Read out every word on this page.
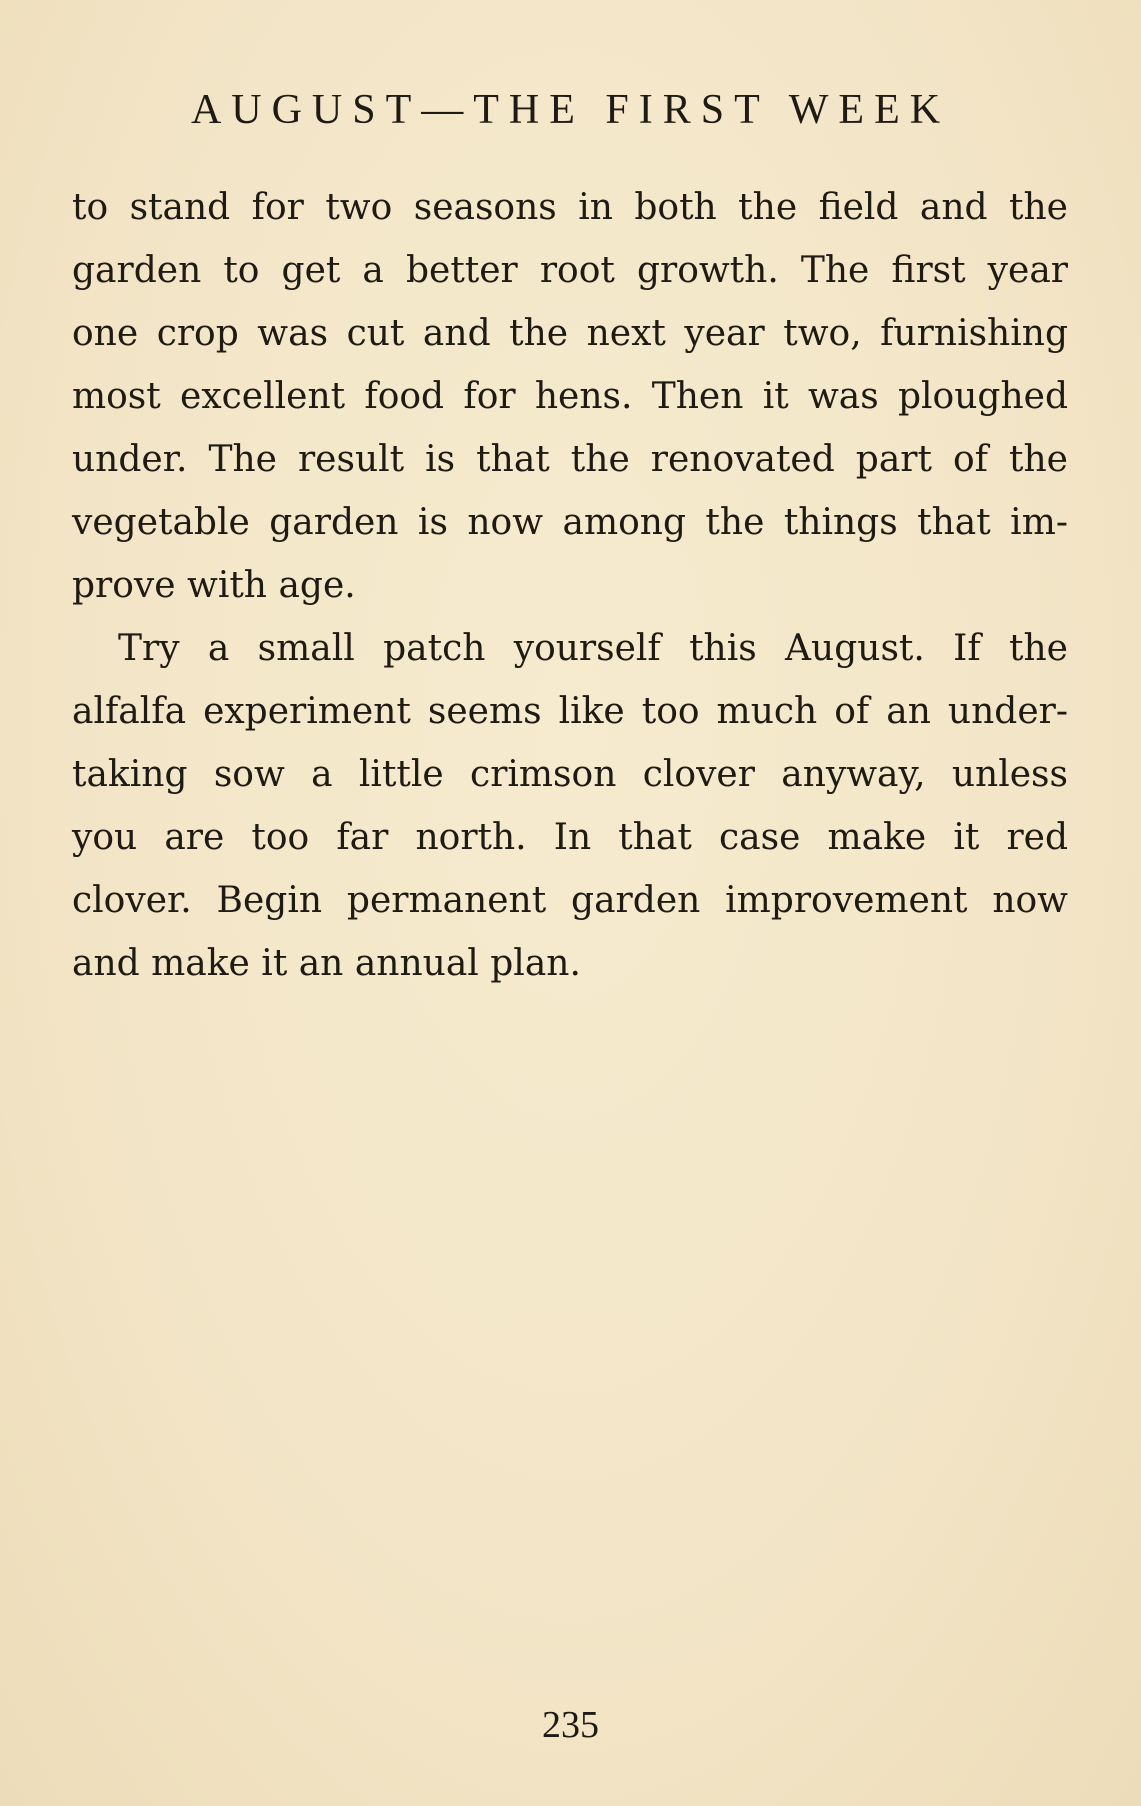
AUGUST—THE FIRST WEEK

to stand for two seasons in both the field and the
garden to get a better root growth. The first year
one crop was cut and the next year two, furnishing
most excellent food for hens. Then it was ploughed
under. The result is that the renovated part of the
vegetable garden is now among the things that im-
prove with age.

Try a small patch yourself this August. If the
alfalfa experiment seems like too much of an under-
taking sow a little crimson clover anyway, unless
you are too far north. In that case make it red
clover. Begin permanent garden improvement now
and make it an annual plan.

235
